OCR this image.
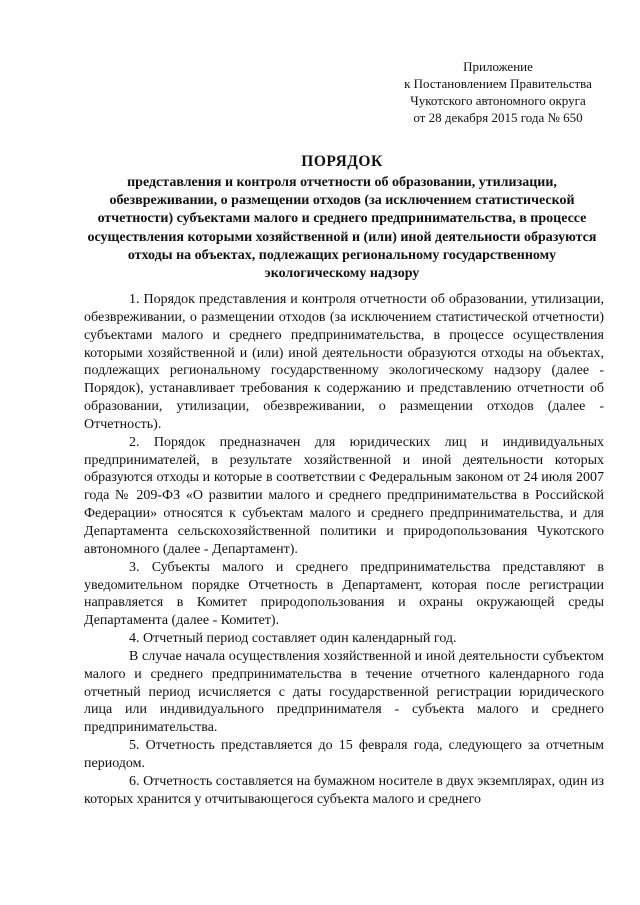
Приложение
к Постановлением Правительства
Чукотского автономного округа
от 28 декабря 2015 года № 650
ПОРЯДОК
представления и контроля отчетности об образовании, утилизации, обезвреживании, о размещении отходов (за исключением статистической отчетности) субъектами малого и среднего предпринимательства, в процессе осуществления которыми хозяйственной и (или) иной деятельности образуются отходы на объектах, подлежащих региональному государственному экологическому надзору

1. Порядок представления и контроля отчетности об образовании, утилизации, обезвреживании, о размещении отходов (за исключением статистической отчетности) субъектами малого и среднего предпринимательства, в процессе осуществления которыми хозяйственной и (или) иной деятельности образуются отходы на объектах, подлежащих региональному государственному экологическому надзору (далее - Порядок), устанавливает требования к содержанию и представлению отчетности об образовании, утилизации, обезвреживании, о размещении отходов (далее - Отчетность).

2. Порядок предназначен для юридических лиц и индивидуальных предпринимателей, в результате хозяйственной и иной деятельности которых образуются отходы и которые в соответствии с Федеральным законом от 24 июля 2007 года № 209-ФЗ «О развитии малого и среднего предпринимательства в Российской Федерации» относятся к субъектам малого и среднего предпринимательства, и для Департамента сельскохозяйственной политики и природопользования Чукотского автономного (далее - Департамент).

3. Субъекты малого и среднего предпринимательства представляют в уведомительном порядке Отчетность в Департамент, которая после регистрации направляется в Комитет природопользования и охраны окружающей среды Департамента (далее - Комитет).

4. Отчетный период составляет один календарный год.

В случае начала осуществления хозяйственной и иной деятельности субъектом малого и среднего предпринимательства в течение отчетного календарного года отчетный период исчисляется с даты государственной регистрации юридического лица или индивидуального предпринимателя - субъекта малого и среднего предпринимательства.

5. Отчетность представляется до 15 февраля года, следующего за отчетным периодом.

6. Отчетность составляется на бумажном носителе в двух экземплярах, один из которых хранится у отчитывающегося субъекта малого и среднего
